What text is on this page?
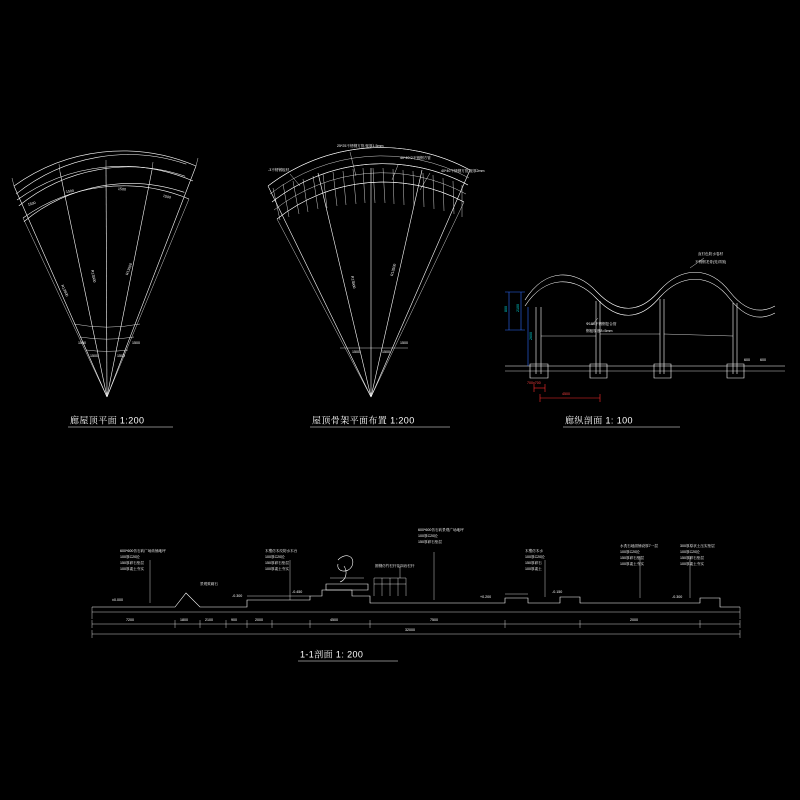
1500
1500	1500
1500
R13500
R13500
R13500
1500	1500
1500	1500
廊屋顶平面 1:200
25*25不锈钢方管,壁厚1.5mm
40*40*2不锈钢方管
-3不锈钢板材	40*40不锈钢方管,壁厚2mm
R13500
R13500
1500	1500
1500
屋顶骨架平面布置 1:200
800 2100
2600
700x700
4500
直钉色防水卷材
不锈钢龙骨(见详图)
Φ180不锈钢复合管
钢板厚度δ=5mm
600	600
廊纵剖面 1: 100
600*600仿石砖广场砖铺地坪
100厚C20砼
150厚碎石垫层
100厚素土夯实
木塑仿木纹防水木台
100厚C20砼
150厚碎石垫层
100厚素土夯实
600*600仿石砖景观广场地坪
100厚C20砼
150厚碎石垫层
圆钢仿竹栏杆花岗岩栏杆
木塑仿木水
100厚C20砼
150厚碎石
100厚素土
水洗石地面铺设厚7一层
100厚C20砼
150厚碎石垫层
100厚素土夯实
300厚原状土压实垫层
100厚C20砼
150厚碎石垫层
100厚素土夯实
景观浆砌石
±0.000
-0.300
-0.450
+0.200
-0.150
-0.300
7200	1800	2100	900	2000	4500	7500	2000
32000
1-1剖面 1: 200
